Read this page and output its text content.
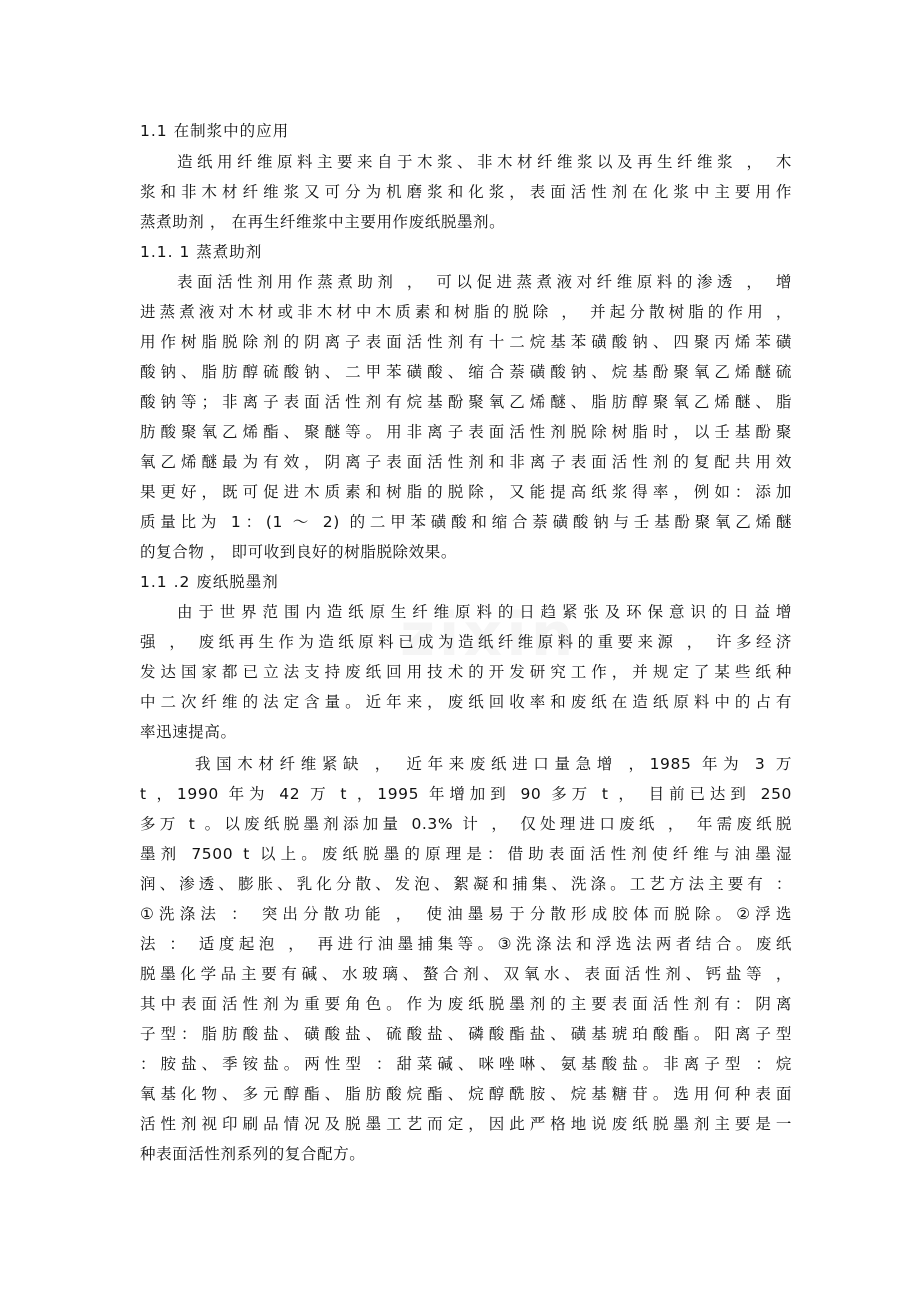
1.1 在制浆中的应用
造纸用纤维原料主要来自于木浆、非木材纤维浆以及再生纤维浆 ， 木
浆和非木材纤维浆又可分为机磨浆和化浆，表面活性剂在化浆中主要用作
蒸煮助剂 ， 在再生纤维浆中主要用作废纸脱墨剂。
1.1. 1 蒸煮助剂
表面活性剂用作蒸煮助剂 ， 可以促进蒸煮液对纤维原料的渗透 ， 增
进蒸煮液对木材或非木材中木质素和树脂的脱除 ， 并起分散树脂的作用 ，
用作树脂脱除剂的阴离子表面活性剂有十二烷基苯磺酸钠、四聚丙烯苯磺
酸钠、脂肪醇硫酸钠、二甲苯磺酸、缩合萘磺酸钠、烷基酚聚氧乙烯醚硫
酸钠等；非离子表面活性剂有烷基酚聚氧乙烯醚、脂肪醇聚氧乙烯醚、脂
肪酸聚氧乙烯酯、聚醚等。用非离子表面活性剂脱除树脂时，以壬基酚聚
氧乙烯醚最为有效，阴离子表面活性剂和非离子表面活性剂的复配共用效
果更好，既可促进木质素和树脂的脱除，又能提高纸浆得率，例如：添加
质量比为 1：(1 ～ 2) 的二甲苯磺酸和缩合萘磺酸钠与壬基酚聚氧乙烯醚
的复合物 ， 即可收到良好的树脂脱除效果。
1.1 .2 废纸脱墨剂
由于世界范围内造纸原生纤维原料的日趋紧张及环保意识的日益增
强 ， 废纸再生作为造纸原料已成为造纸纤维原料的重要来源 ， 许多经济
发达国家都已立法支持废纸回用技术的开发研究工作，并规定了某些纸种
中二次纤维的法定含量。近年来，废纸回收率和废纸在造纸原料中的占有
率迅速提高。
我国木材纤维紧缺 ， 近年来废纸进口量急增 ，1985 年为 3 万
t ，1990 年为 42 万 t ，1995 年增加到 90 多万 t ， 目前已达到 250
多万 t 。以废纸脱墨剂添加量 0.3% 计 ， 仅处理进口废纸 ， 年需废纸脱
墨剂 7500 t 以上。废纸脱墨的原理是：借助表面活性剂使纤维与油墨湿
润、渗透、膨胀、乳化分散、发泡、絮凝和捕集、洗涤。工艺方法主要有 ：
①洗涤法 ： 突出分散功能 ， 使油墨易于分散形成胶体而脱除。②浮选
法 ： 适度起泡 ， 再进行油墨捕集等。③洗涤法和浮选法两者结合。废纸
脱墨化学品主要有碱、水玻璃、螯合剂、双氧水、表面活性剂、钙盐等 ，
其中表面活性剂为重要角色。作为废纸脱墨剂的主要表面活性剂有：阴离
子型：脂肪酸盐、磺酸盐、硫酸盐、磷酸酯盐、磺基琥珀酸酯。阳离子型
：胺盐、季铵盐。两性型 ：甜菜碱、咪唑啉、氨基酸盐。非离子型 ：烷
氧基化物、多元醇酯、脂肪酸烷酯、烷醇酰胺、烷基糖苷。选用何种表面
活性剂视印刷品情况及脱墨工艺而定，因此严格地说废纸脱墨剂主要是一
种表面活性剂系列的复合配方。
